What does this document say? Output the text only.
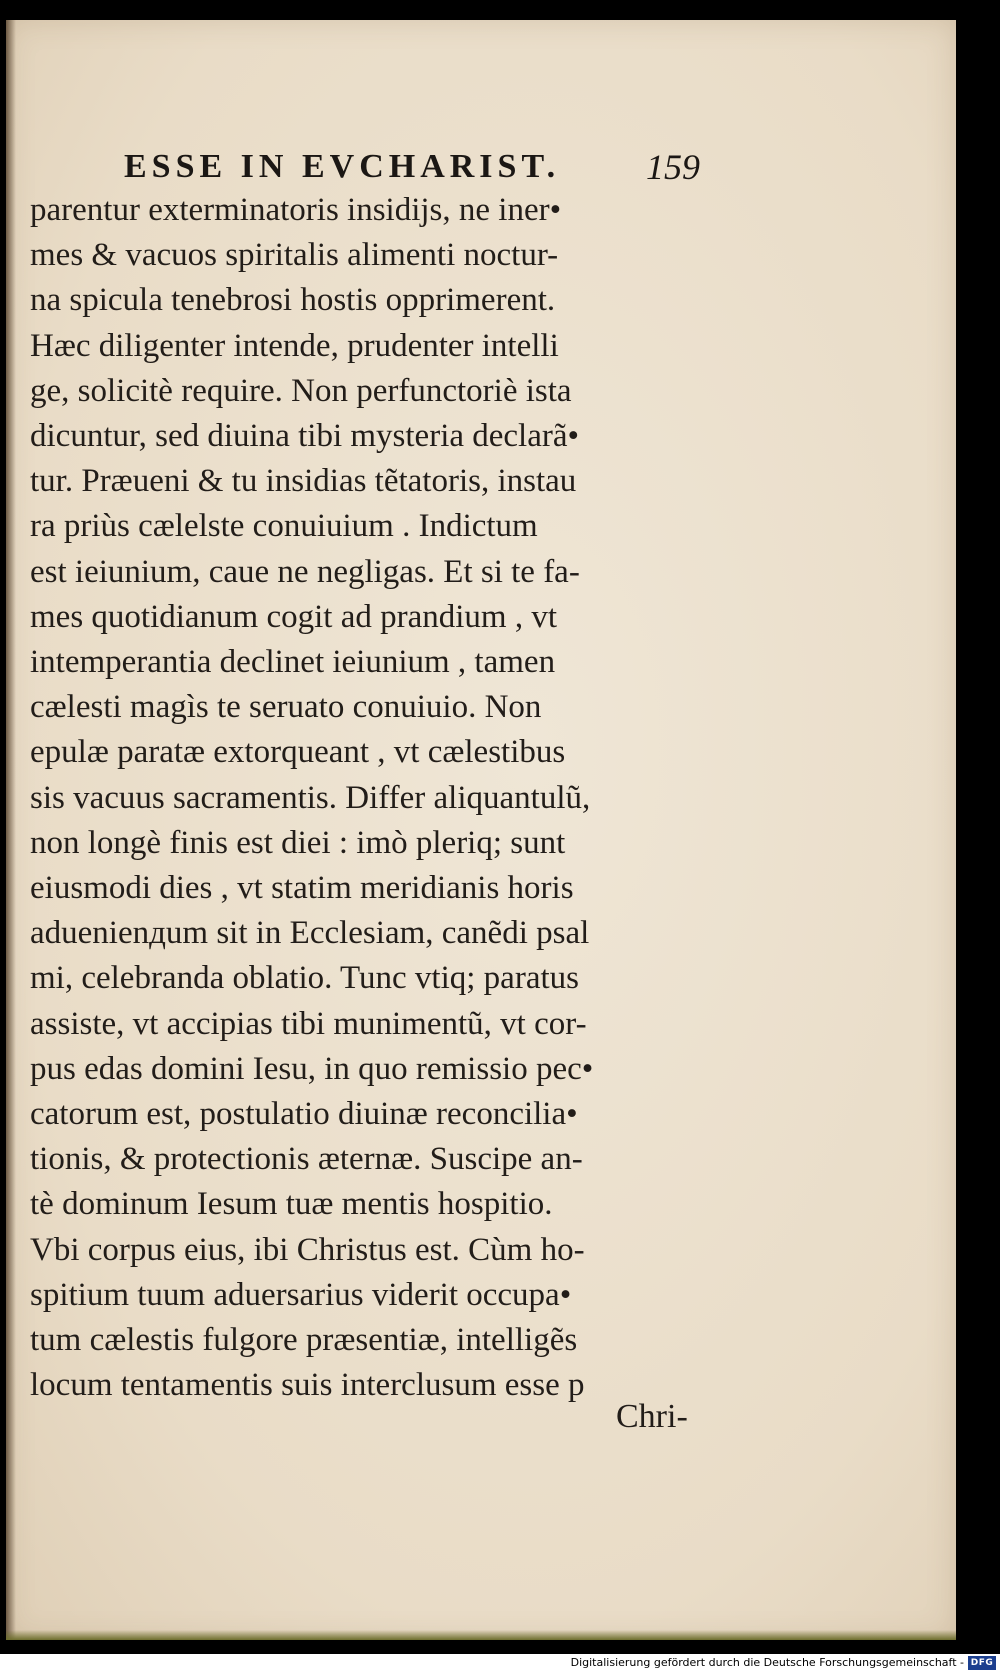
ESSE IN EVCHARIST.	159
parentur exterminatoris insidijs, ne iner•
mes & vacuos spiritalis alimenti noctur-
na spicula tenebrosi hostis opprimerent.
Hæc diligenter intende, prudenter intelli
ge, solicitè require. Non perfunctoriè ista
dicuntur, sed diuina tibi mysteria declarã•
tur. Præueni & tu insidias tẽtatoris, instau
ra priùs cælelste conuiuium . Indictum
est ieiunium, caue ne negligas. Et si te fa-
mes quotidianum cogit ad prandium , vt
intemperantia declinet ieiunium , tamen
cælesti magìs te seruato conuiuio. Non
epulæ paratæ extorqueant , vt cælestibus
sis vacuus sacramentis. Differ aliquantulũ,
non longè finis est diei : imò pleriq; sunt
eiusmodi dies , vt statim meridianis horis
aduenienдum sit in Ecclesiam, canẽdi psal
mi, celebranda oblatio. Tunc vtiq; paratus
assiste, vt accipias tibi munimentũ, vt cor-
pus edas domini Iesu, in quo remissio pec•
catorum est, postulatio diuinæ reconcilia•
tionis, & protectionis æternæ. Suscipe an-
tè dominum Iesum tuæ mentis hospitio.
Vbi corpus eius, ibi Christus est. Cùm ho-
spitium tuum aduersarius viderit occupa•
tum cælestis fulgore præsentiæ, intelligẽs
locum tentamentis suis interclusum esse p
Chri-
Digitalisierung gefördert durch die Deutsche Forschungsgemeinschaft - DFG
